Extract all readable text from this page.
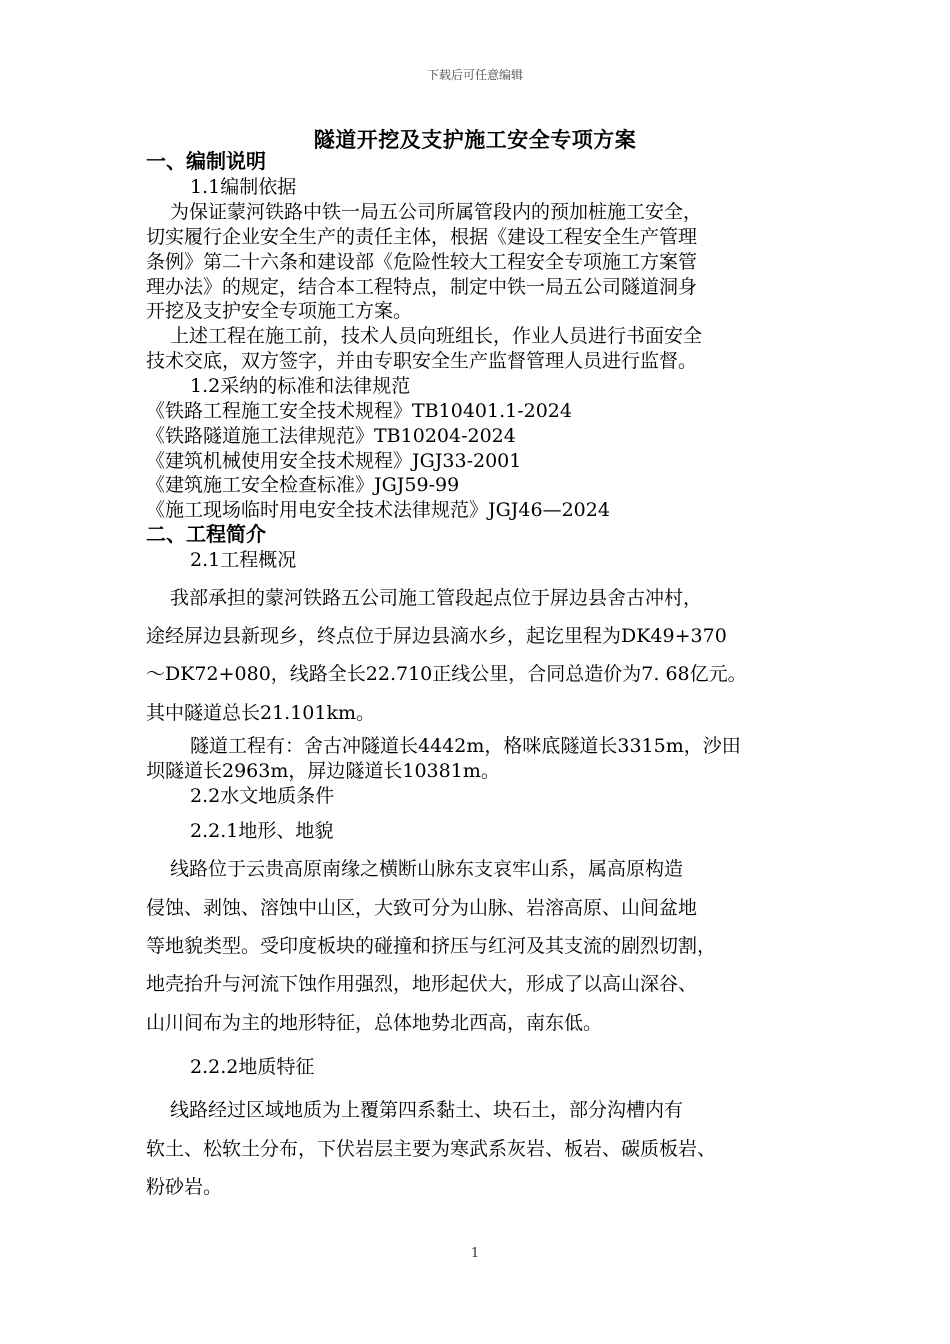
下载后可任意编辑
隧道开挖及支护施工安全专项方案
一、编制说明
1.1编制依据
为保证蒙河铁路中铁一局五公司所属管段内的预加桩施工安全，
切实履行企业安全生产的责任主体，根据《建设工程安全生产管理
条例》第二十六条和建设部《危险性较大工程安全专项施工方案管
理办法》的规定，结合本工程特点，制定中铁一局五公司隧道洞身
开挖及支护安全专项施工方案。
上述工程在施工前，技术人员向班组长，作业人员进行书面安全
技术交底，双方签字，并由专职安全生产监督管理人员进行监督。
1.2采纳的标准和法律规范
《铁路工程施工安全技术规程》TB10401.1-2024
《铁路隧道施工法律规范》TB10204-2024
《建筑机械使用安全技术规程》JGJ33-2001
《建筑施工安全检查标准》JGJ59-99
《施工现场临时用电安全技术法律规范》JGJ46—2024
二、工程简介
2.1工程概况
我部承担的蒙河铁路五公司施工管段起点位于屏边县舍古冲村，
途经屏边县新现乡，终点位于屏边县滴水乡，起讫里程为DK49+370
～DK72+080，线路全长22.710正线公里，合同总造价为7. 68亿元。
其中隧道总长21.101km。
隧道工程有：舍古冲隧道长4442m，格咪底隧道长3315m，沙田
坝隧道长2963m，屏边隧道长10381m。
2.2水文地质条件
2.2.1地形、地貌
线路位于云贵高原南缘之横断山脉东支哀牢山系，属高原构造
侵蚀、剥蚀、溶蚀中山区，大致可分为山脉、岩溶高原、山间盆地
等地貌类型。受印度板块的碰撞和挤压与红河及其支流的剧烈切割，
地壳抬升与河流下蚀作用强烈，地形起伏大，形成了以高山深谷、
山川间布为主的地形特征，总体地势北西高，南东低。
2.2.2地质特征
线路经过区域地质为上覆第四系黏土、块石土，部分沟槽内有
软土、松软土分布，下伏岩层主要为寒武系灰岩、板岩、碳质板岩、
粉砂岩。
1
